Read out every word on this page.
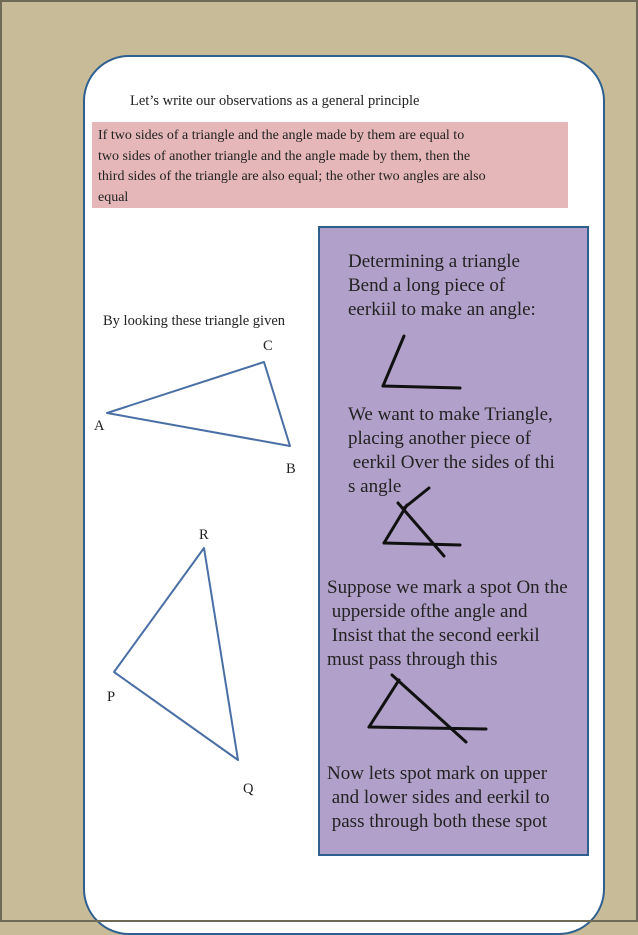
Let’s write our observations as a general principle
If two sides of a triangle and the angle made by them are equal to
two sides of another triangle and the angle made by them, then the
third sides of the triangle are also equal; the other two angles are also
equal
By looking these triangle given
C
A
B
R
P
Q
Determining a triangle
Bend a long piece of
eerkiil to make an angle:
We want to make Triangle,
placing another piece of
eerkil Over the sides of thi
s angle
Suppose we mark a spot On the
upperside ofthe angle and
Insist that the second eerkil
must pass through this
Now lets spot mark on upper
and lower sides and eerkil to
pass through both these spot
